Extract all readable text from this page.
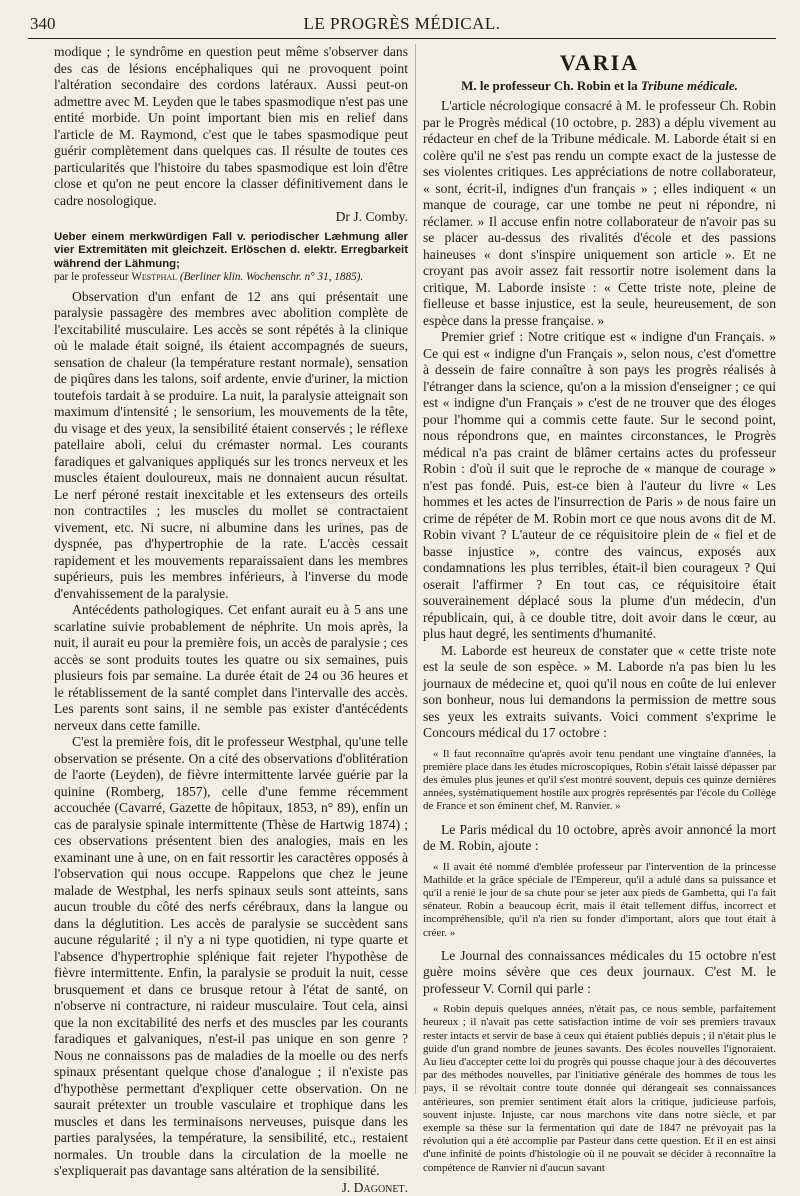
340	LE PROGRÈS MÉDICAL.

modique ; le syndrôme en question peut même s'observer dans des cas de lésions encéphaliques qui ne provoquent point l'altération secondaire des cordons latéraux. Aussi peut-on admettre avec M. Leyden que le tabes spasmodique n'est pas une entité morbide. Un point important bien mis en relief dans l'article de M. Raymond, c'est que le tabes spasmodique peut guérir complètement dans quelques cas. Il résulte de toutes ces particularités que l'histoire du tabes spasmodique est loin d'être close et qu'on ne peut encore la classer définitivement dans le cadre nosologique.

Dr J. Comby.

Ueber einem merkwürdigen Fall v. periodischer Læhmung aller vier Extremitäten mit gleichzeit. Erlöschen d. elektr. Erregbarkeit während der Lähmung;

par le professeur Westphal (Berliner klin. Wochenschr. n° 31, 1885).

Observation d'un enfant de 12 ans qui présentait une paralysie passagère des membres avec abolition complète de l'excitabilité musculaire. Les accès se sont répétés à la clinique où le malade était soigné, ils étaient accompagnés de sueurs, sensation de chaleur (la température restant normale), sensation de piqûres dans les talons, soif ardente, envie d'uriner, la miction toutefois tardait à se produire. La nuit, la paralysie atteignait son maximum d'intensité ; le sensorium, les mouvements de la tête, du visage et des yeux, la sensibilité étaient conservés ; le réflexe patellaire aboli, celui du crémaster normal. Les courants faradiques et galvaniques appliqués sur les troncs nerveux et les muscles étaient douloureux, mais ne donnaient aucun résultat. Le nerf péroné restait inexcitable et les extenseurs des orteils non contractiles ; les muscles du mollet se contractaient vivement, etc. Ni sucre, ni albumine dans les urines, pas de dyspnée, pas d'hypertrophie de la rate. L'accès cessait rapidement et les mouvements reparaissaient dans les membres supérieurs, puis les membres inférieurs, à l'inverse du mode d'envahissement de la paralysie.

Antécédents pathologiques. Cet enfant aurait eu à 5 ans une scarlatine suivie probablement de néphrite. Un mois après, la nuit, il aurait eu pour la première fois, un accès de paralysie ; ces accès se sont produits toutes les quatre ou six semaines, puis plusieurs fois par semaine. La durée était de 24 ou 36 heures et le rétablissement de la santé complet dans l'intervalle des accès. Les parents sont sains, il ne semble pas exister d'antécédents nerveux dans cette famille.

C'est la première fois, dit le professeur Westphal, qu'une telle observation se présente. On a cité des observations d'oblitération de l'aorte (Leyden), de fièvre intermittente larvée guérie par la quinine (Romberg, 1857), celle d'une femme récemment accouchée (Cavarré, Gazette de hôpitaux, 1853, n° 89), enfin un cas de paralysie spinale intermittente (Thèse de Hartwig 1874) ; ces observations présentent bien des analogies, mais en les examinant une à une, on en fait ressortir les caractères opposés à l'observation qui nous occupe. Rappelons que chez le jeune malade de Westphal, les nerfs spinaux seuls sont atteints, sans aucun trouble du côté des nerfs cérébraux, dans la langue ou dans la déglutition. Les accès de paralysie se succèdent sans aucune régularité ; il n'y a ni type quotidien, ni type quarte et l'absence d'hypertrophie splénique fait rejeter l'hypothèse de fièvre intermittente. Enfin, la paralysie se produit la nuit, cesse brusquement et dans ce brusque retour à l'état de santé, on n'observe ni contracture, ni raideur musculaire. Tout cela, ainsi que la non excitabilité des nerfs et des muscles par les courants faradiques et galvaniques, n'est-il pas unique en son genre ? Nous ne connaissons pas de maladies de la moelle ou des nerfs spinaux présentant quelque chose d'analogue ; il n'existe pas d'hypothèse permettant d'expliquer cette observation. On ne saurait prétexter un trouble vasculaire et trophique dans les muscles et dans les terminaisons nerveuses, puisque dans les parties paralysées, la température, la sensibilité, etc., restaient normales. Un trouble dans la circulation de la moelle ne s'expliquerait pas davantage sans altération de la sensibilité.

J. Dagonet.

VARIA
M. le professeur Ch. Robin et la Tribune médicale.

L'article nécrologique consacré à M. le professeur Ch. Robin par le Progrès médical (10 octobre, p. 283) a déplu vivement au rédacteur en chef de la Tribune médicale. M. Laborde était si en colère qu'il ne s'est pas rendu un compte exact de la justesse de ses violentes critiques. Les appréciations de notre collaborateur, « sont, écrit-il, indignes d'un français » ; elles indiquent « un manque de courage, car une tombe ne peut ni répondre, ni réclamer. » Il accuse enfin notre collaborateur de n'avoir pas su se placer au-dessus des rivalités d'école et des passions haineuses « dont s'inspire uniquement son article ». Et ne croyant pas avoir assez fait ressortir notre isolement dans la critique, M. Laborde insiste : « Cette triste note, pleine de fielleuse et basse injustice, est la seule, heureusement, de son espèce dans la presse française. »

Premier grief : Notre critique est « indigne d'un Français. » Ce qui est « indigne d'un Français », selon nous, c'est d'omettre à dessein de faire connaître à son pays les progrès réalisés à l'étranger dans la science, qu'on a la mission d'enseigner ; ce qui est « indigne d'un Français » c'est de ne trouver que des éloges pour l'homme qui a commis cette faute. Sur le second point, nous répondrons que, en maintes circonstances, le Progrès médical n'a pas craint de blâmer certains actes du professeur Robin : d'où il suit que le reproche de « manque de courage » n'est pas fondé. Puis, est-ce bien à l'auteur du livre « Les hommes et les actes de l'insurrection de Paris » de nous faire un crime de répéter de M. Robin mort ce que nous avons dit de M. Robin vivant ? L'auteur de ce réquisitoire plein de « fiel et de basse injustice », contre des vaincus, exposés aux condamnations les plus terribles, était-il bien courageux ? Qui oserait l'affirmer ? En tout cas, ce réquisitoire était souverainement déplacé sous la plume d'un médecin, d'un républicain, qui, à ce double titre, doit avoir dans le cœur, au plus haut degré, les sentiments d'humanité.

M. Laborde est heureux de constater que « cette triste note est la seule de son espèce. » M. Laborde n'a pas bien lu les journaux de médecine et, quoi qu'il nous en coûte de lui enlever son bonheur, nous lui demandons la permission de mettre sous ses yeux les extraits suivants. Voici comment s'exprime le Concours médical du 17 octobre :

« Il faut reconnaître qu'après avoir tenu pendant une vingtaine d'années, la première place dans les études microscopiques, Robin s'était laissé dépasser par des émules plus jeunes et qu'il s'est montré souvent, depuis ces quinze dernières années, systématiquement hostile aux progrès représentés par l'école du Collège de France et son éminent chef, M. Ranvier. »

Le Paris médical du 10 octobre, après avoir annoncé la mort de M. Robin, ajoute :

« Il avait été nommé d'emblée professeur par l'intervention de la princesse Mathilde et la grâce spéciale de l'Empereur, qu'il a adulé dans sa puissance et qu'il a renié le jour de sa chute pour se jeter aux pieds de Gambetta, qui l'a fait sénateur. Robin a beaucoup écrit, mais il était tellement diffus, incorrect et incompréhensible, qu'il n'a rien su fonder d'important, alors que tout était à créer. »

Le Journal des connaissances médicales du 15 octobre n'est guère moins sévère que ces deux journaux. C'est M. le professeur V. Cornil qui parle :

« Robin depuis quelques années, n'était pas, ce nous semble, parfaitement heureux ; il n'avait pas cette satisfaction intime de voir ses premiers travaux rester intacts et servir de base à ceux qui étaient publiés depuis ; il n'était plus le guide d'un grand nombre de jeunes savants. Des écoles nouvelles l'ignoraient. Au lieu d'accepter cette loi du progrès qui pousse chaque jour à des découvertes par des méthodes nouvelles, par l'initiative générale des hommes de tous les pays, il se révoltait contre toute donnée qui dérangeait ses connaissances antérieures, son premier sentiment était alors la critique, judicieuse parfois, souvent injuste. Injuste, car nous marchons vite dans notre siècle, et par exemple sa thèse sur la fermentation qui date de 1847 ne prévoyait pas la révolution qui a été accomplie par Pasteur dans cette question. Et il en est ainsi d'une infinité de points d'histologie où il ne pouvait se décider à reconnaître la compétence de Ranvier ni d'aucun savant
